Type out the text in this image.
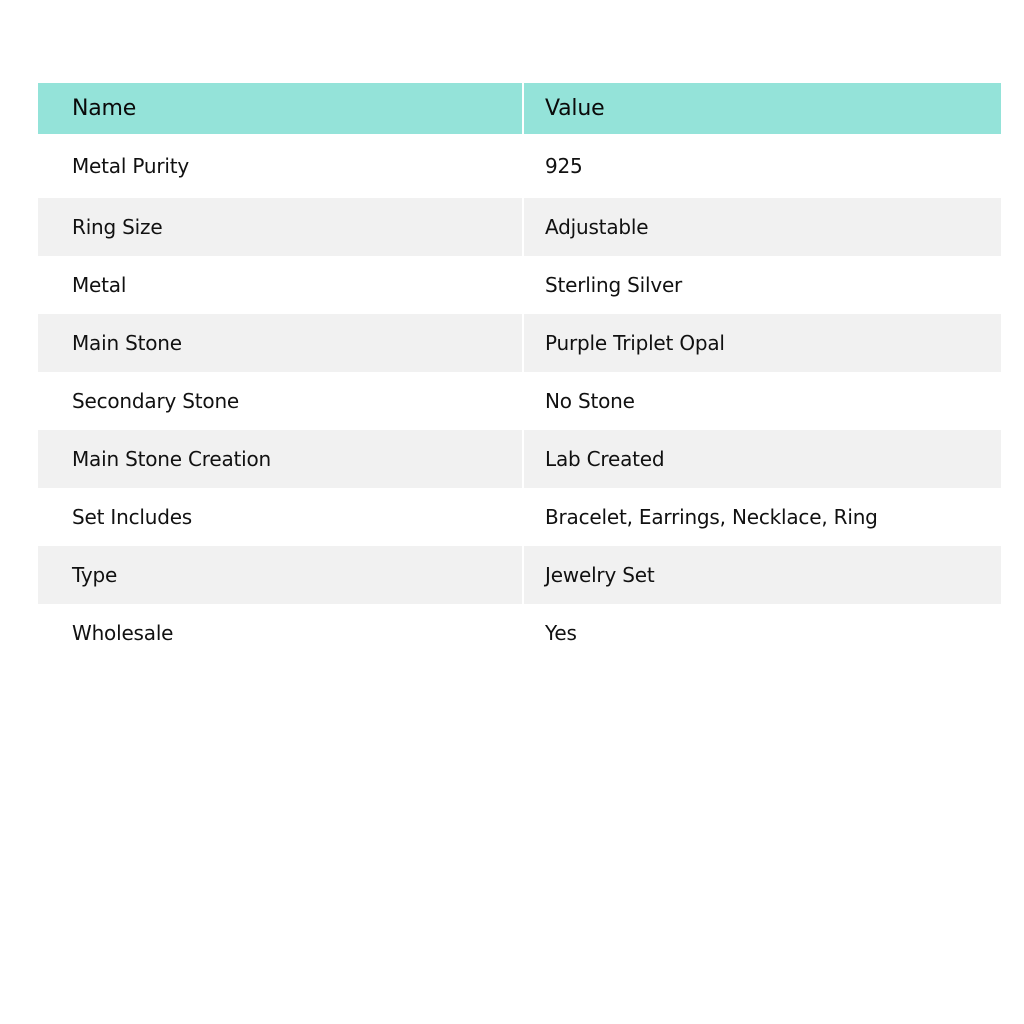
Name	Value
Metal Purity	925
Ring Size	Adjustable
Metal	Sterling Silver
Main Stone	Purple Triplet Opal
Secondary Stone	No Stone
Main Stone Creation	Lab Created
Set Includes	Bracelet, Earrings, Necklace, Ring
Type	Jewelry Set
Wholesale	Yes
